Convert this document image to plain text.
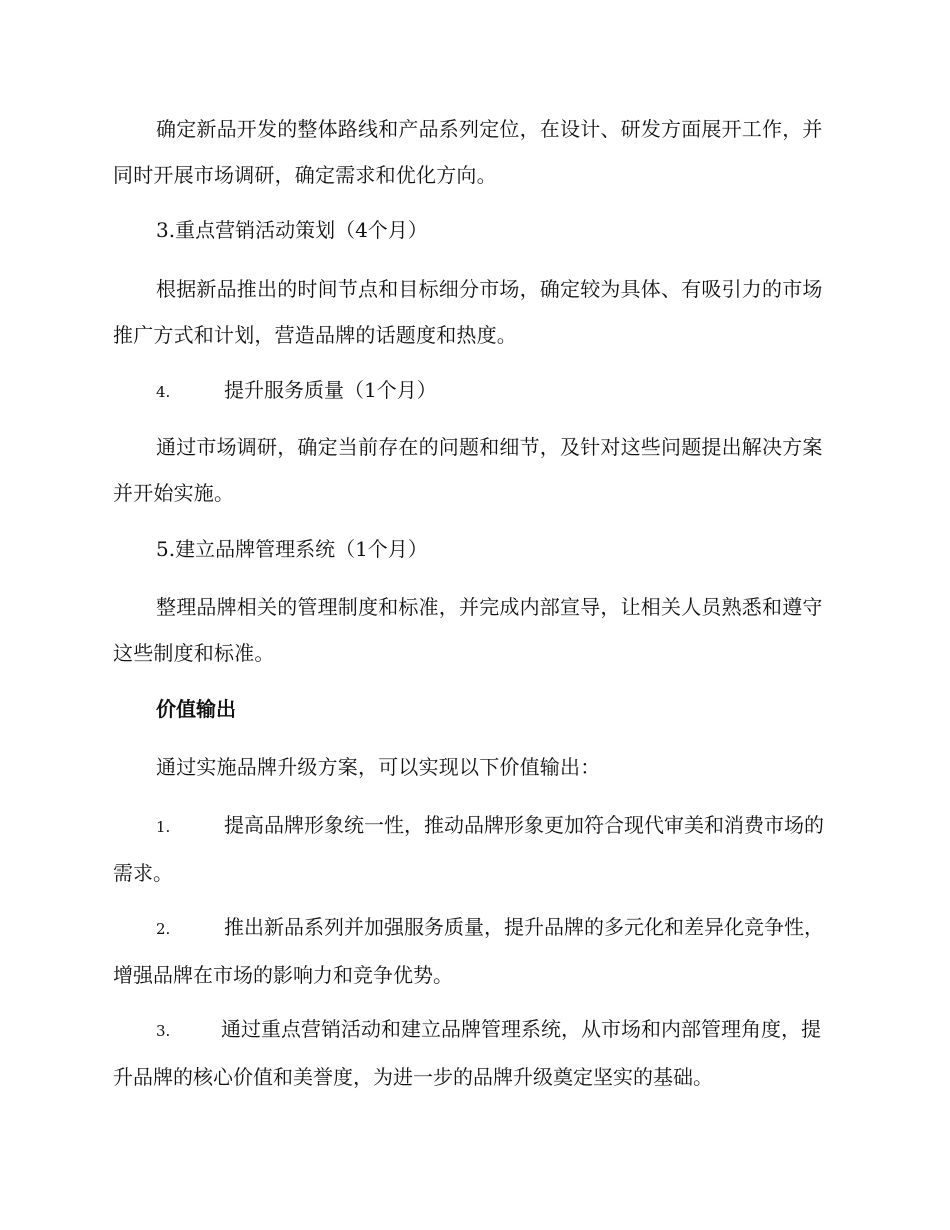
确定新品开发的整体路线和产品系列定位，在设计、研发方面展开工作，并同时开展市场调研，确定需求和优化方向。

3.重点营销活动策划（4个月）

根据新品推出的时间节点和目标细分市场，确定较为具体、有吸引力的市场推广方式和计划，营造品牌的话题度和热度。

4.	提升服务质量（1个月）

通过市场调研，确定当前存在的问题和细节，及针对这些问题提出解决方案并开始实施。

5.建立品牌管理系统（1个月）

整理品牌相关的管理制度和标准，并完成内部宣导，让相关人员熟悉和遵守这些制度和标准。

价值输出

通过实施品牌升级方案，可以实现以下价值输出：

1.	提高品牌形象统一性，推动品牌形象更加符合现代审美和消费市场的需求。

2.	推出新品系列并加强服务质量，提升品牌的多元化和差异化竞争性，增强品牌在市场的影响力和竞争优势。

3.	通过重点营销活动和建立品牌管理系统，从市场和内部管理角度，提升品牌的核心价值和美誉度，为进一步的品牌升级奠定坚实的基础。
